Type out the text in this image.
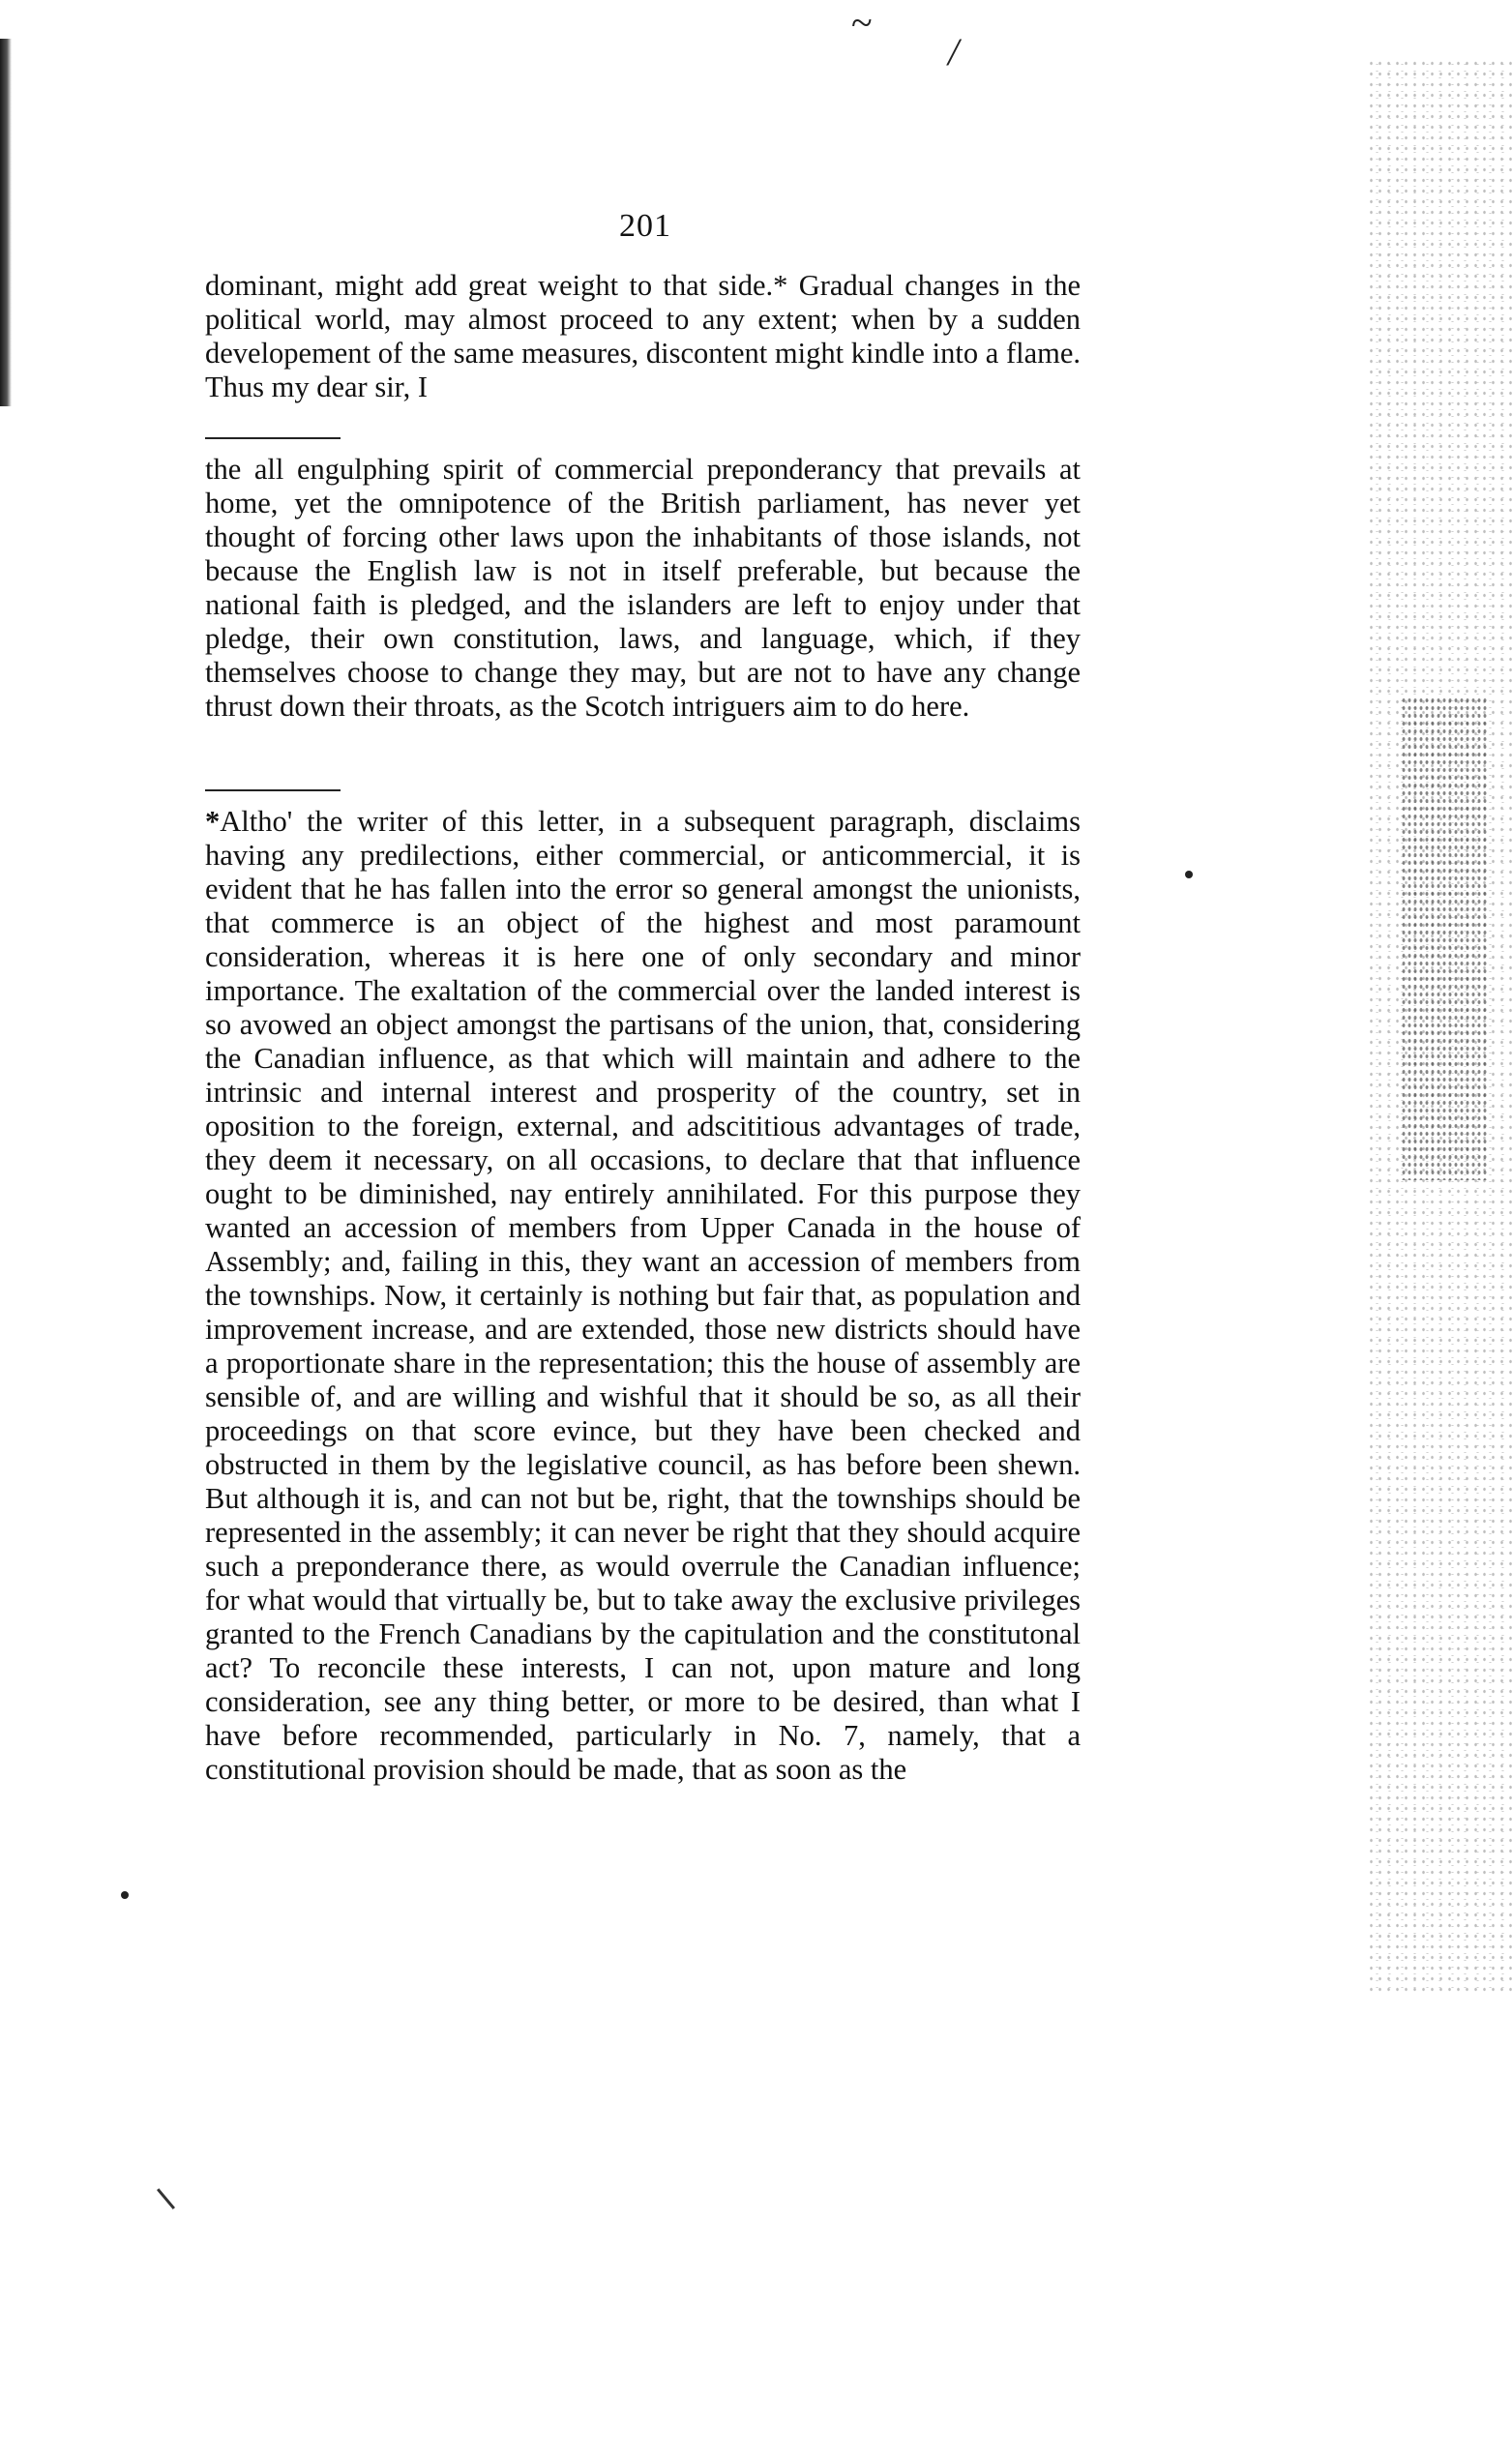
~
/
201

dominant, might add great weight to that side.* Gradual changes in the political world, may almost proceed to any extent; when by a sudden developement of the same measures, discontent might kindle into a flame. Thus my dear sir, I

the all engulphing spirit of commercial preponderancy that prevails at home, yet the omnipotence of the British parliament, has never yet thought of forcing other laws upon the inhabitants of those islands, not because the English law is not in itself preferable, but because the national faith is pledged, and the islanders are left to enjoy under that pledge, their own constitution, laws, and language, which, if they themselves choose to change they may, but are not to have any change thrust down their throats, as the Scotch intriguers aim to do here.

*Altho' the writer of this letter, in a subsequent paragraph, disclaims having any predilections, either commercial, or anticommercial, it is evident that he has fallen into the error so general amongst the unionists, that commerce is an object of the highest and most paramount consideration, whereas it is here one of only secondary and minor importance. The exaltation of the commercial over the landed interest is so avowed an object amongst the partisans of the union, that, considering the Canadian influence, as that which will maintain and adhere to the intrinsic and internal interest and prosperity of the country, set in oposition to the foreign, external, and adscititious advantages of trade, they deem it necessary, on all occasions, to declare that that influence ought to be diminished, nay entirely annihilated. For this purpose they wanted an accession of members from Upper Canada in the house of Assembly; and, failing in this, they want an accession of members from the townships. Now, it certainly is nothing but fair that, as population and improvement increase, and are extended, those new districts should have a proportionate share in the representation; this the house of assembly are sensible of, and are willing and wishful that it should be so, as all their proceedings on that score evince, but they have been checked and obstructed in them by the legislative council, as has before been shewn. But although it is, and can not but be, right, that the townships should be represented in the assembly; it can never be right that they should acquire such a preponderance there, as would overrule the Canadian influence; for what would that virtually be, but to take away the exclusive privileges granted to the French Canadians by the capitulation and the constitutonal act? To reconcile these interests, I can not, upon mature and long consideration, see any thing better, or more to be desired, than what I have before recommended, particularly in No. 7, namely, that a constitutional provision should be made, that as soon as the
